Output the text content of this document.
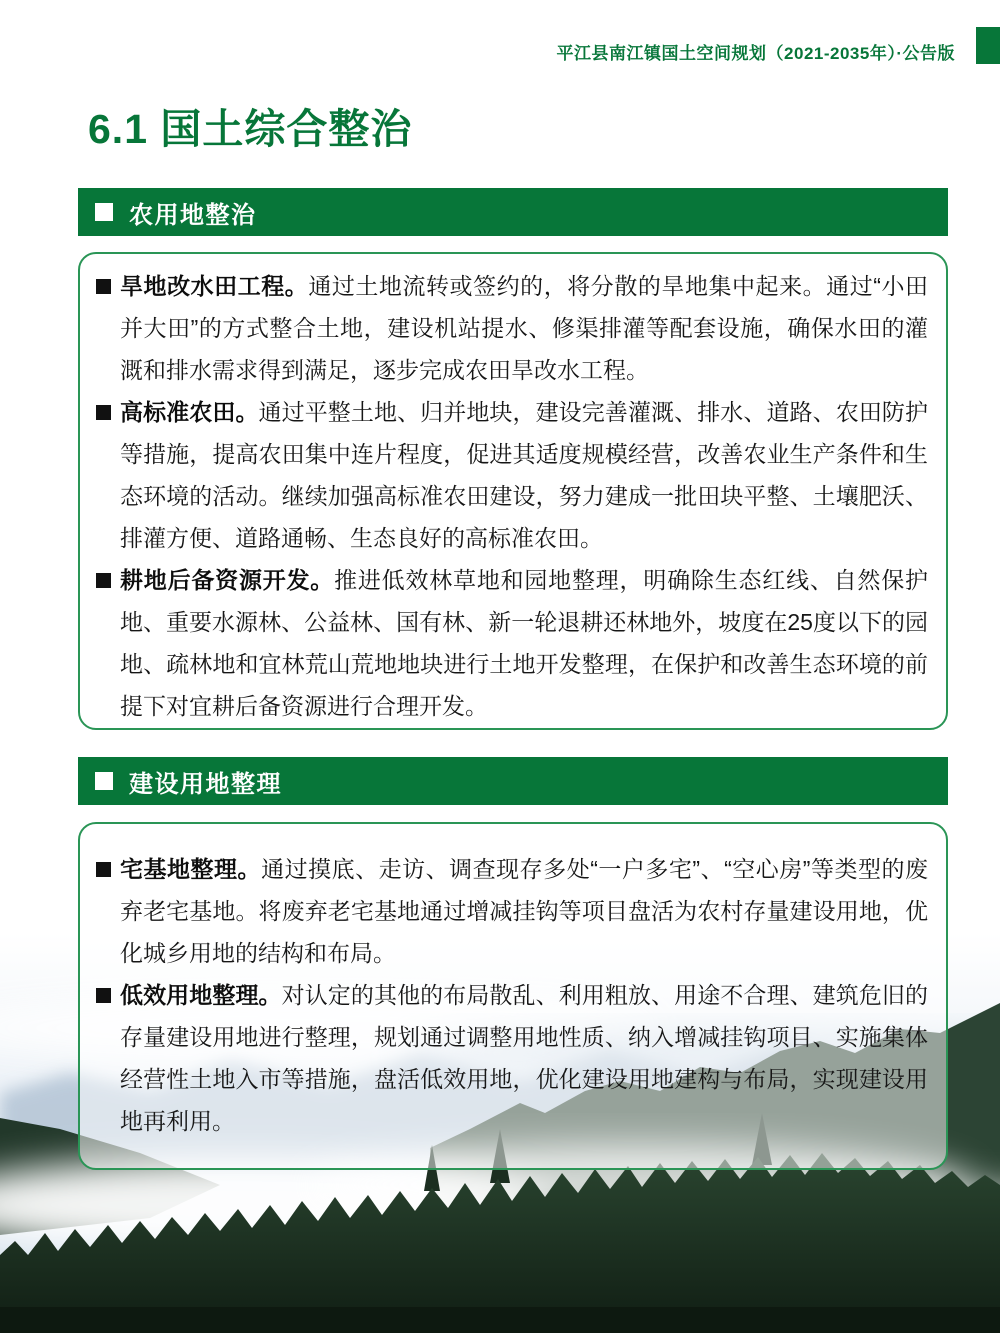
平江县南江镇国土空间规划（2021-2035年）·公告版
6.1 国土综合整治
农用地整治

旱地改水田工程。通过土地流转或签约的，将分散的旱地集中起来。通过“小田并大田”的方式整合土地，建设机站提水、修渠排灌等配套设施，确保水田的灌溉和排水需求得到满足，逐步完成农田旱改水工程。

高标准农田。通过平整土地、归并地块，建设完善灌溉、排水、道路、农田防护等措施，提高农田集中连片程度，促进其适度规模经营，改善农业生产条件和生态环境的活动。继续加强高标准农田建设，努力建成一批田块平整、土壤肥沃、排灌方便、道路通畅、生态良好的高标准农田。

耕地后备资源开发。推进低效林草地和园地整理，明确除生态红线、自然保护地、重要水源林、公益林、国有林、新一轮退耕还林地外，坡度在25度以下的园地、疏林地和宜林荒山荒地地块进行土地开发整理，在保护和改善生态环境的前提下对宜耕后备资源进行合理开发。

建设用地整理

宅基地整理。通过摸底、走访、调查现存多处“一户多宅”、“空心房”等类型的废弃老宅基地。将废弃老宅基地通过增减挂钩等项目盘活为农村存量建设用地，优化城乡用地的结构和布局。

低效用地整理。对认定的其他的布局散乱、利用粗放、用途不合理、建筑危旧的存量建设用地进行整理，规划通过调整用地性质、纳入增减挂钩项目、实施集体经营性土地入市等措施，盘活低效用地，优化建设用地建构与布局，实现建设用地再利用。
